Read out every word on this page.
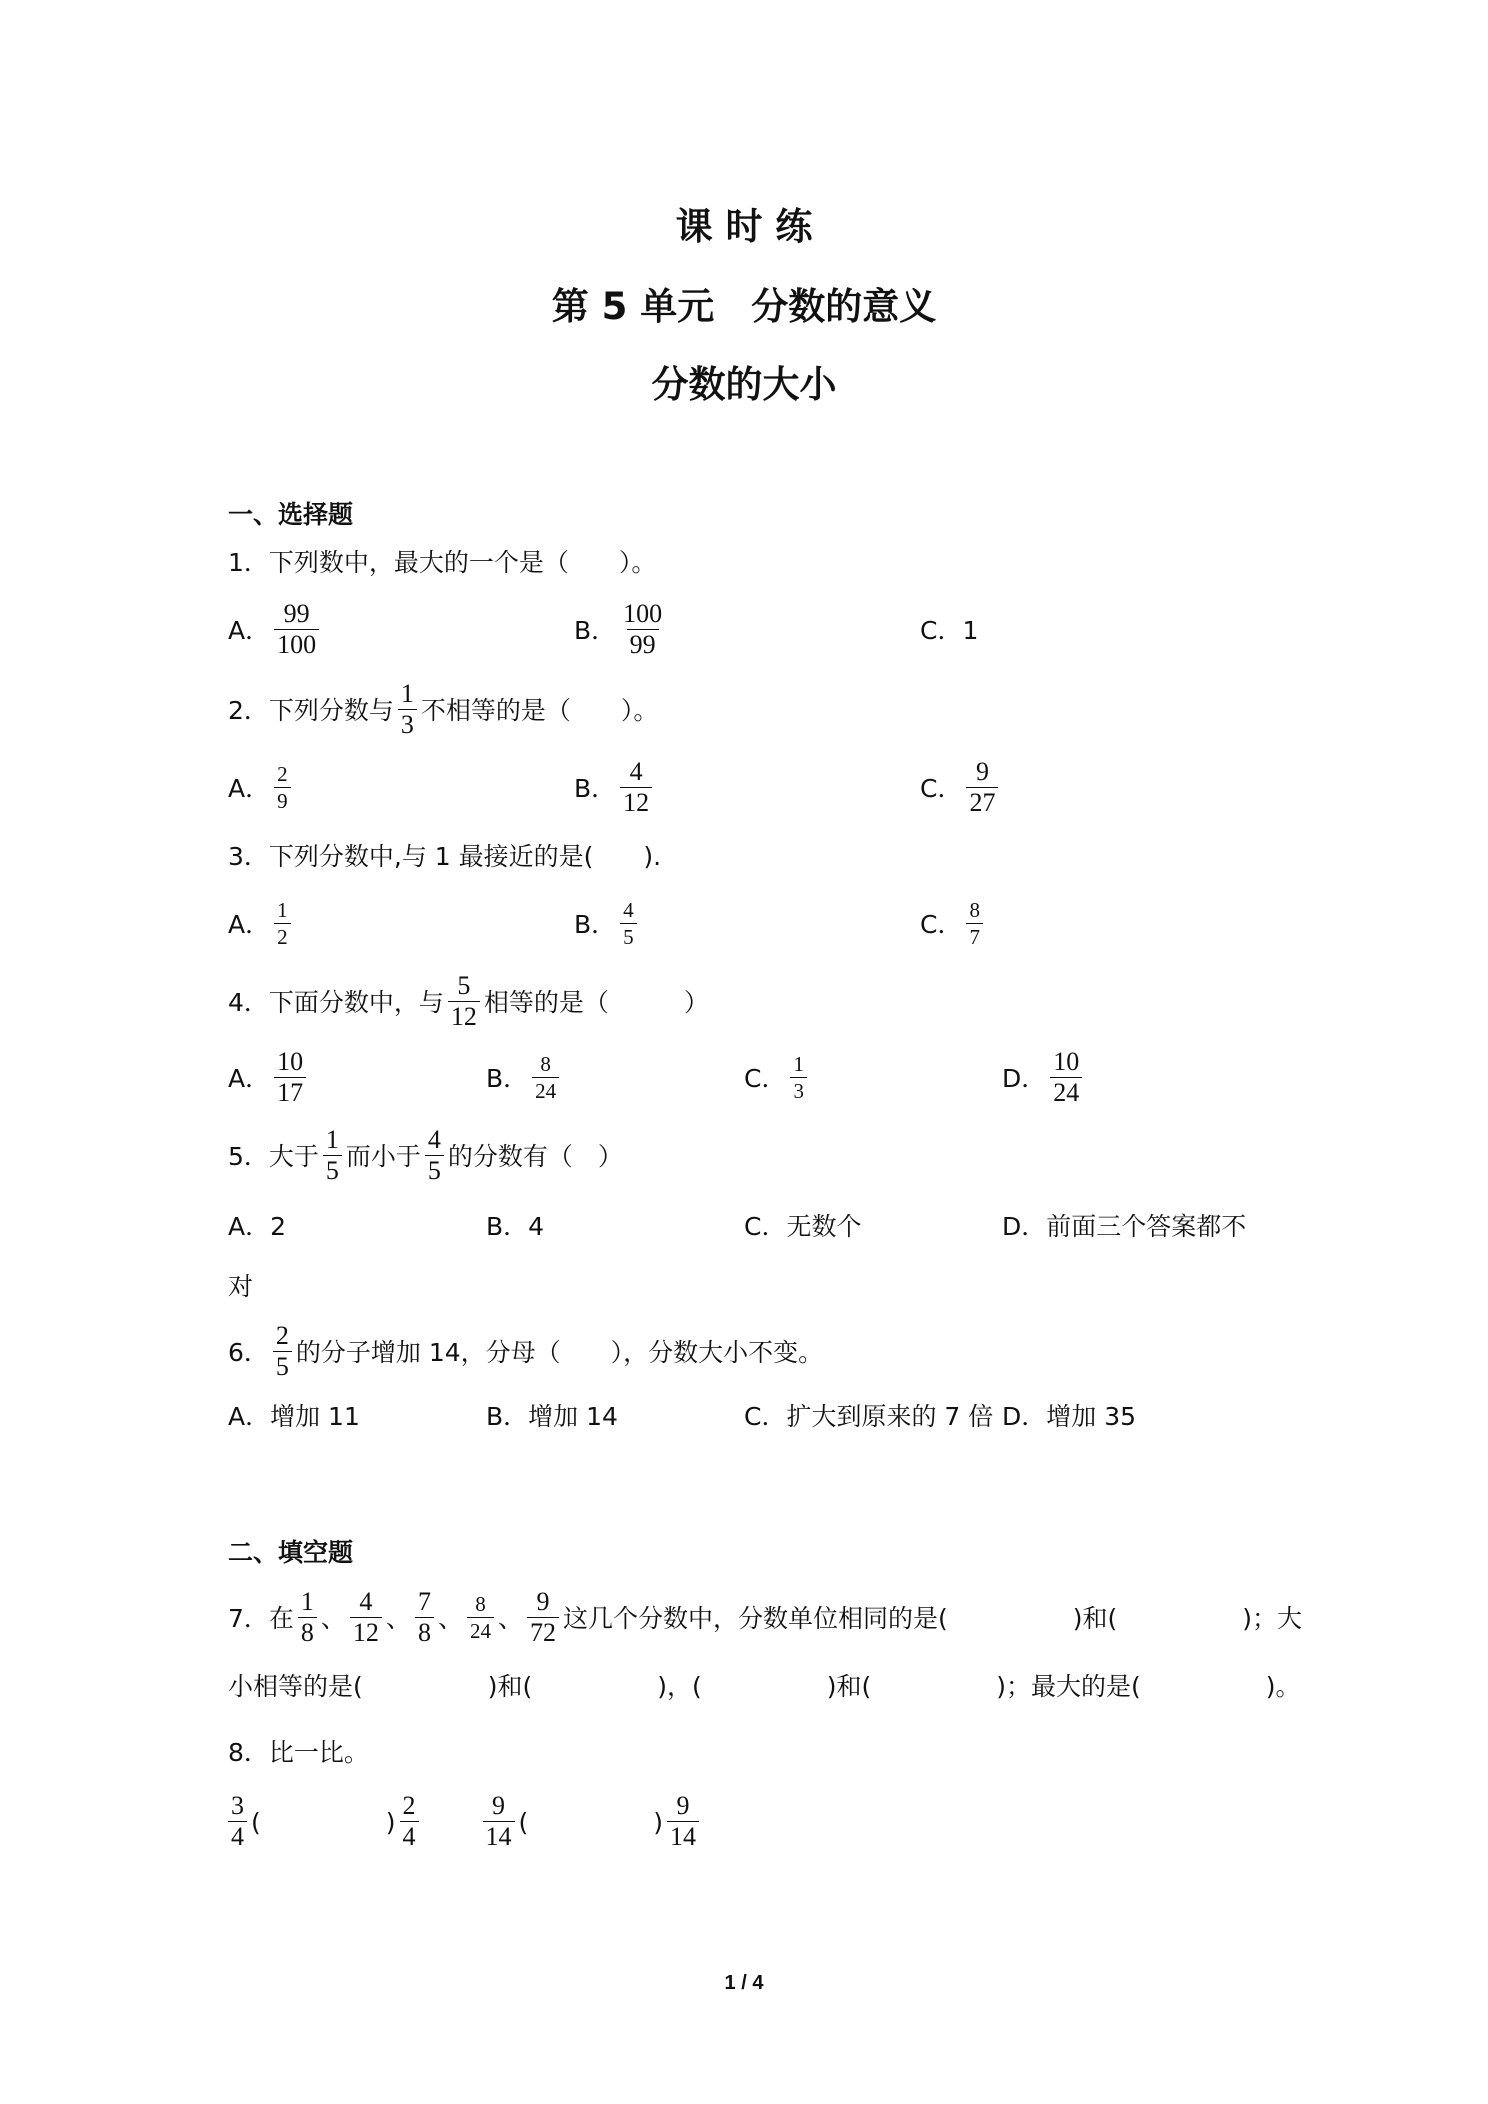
课 时 练
第 5 单元　分数的意义
分数的大小
一、选择题
1．下列数中，最大的一个是（　　）。
A． $\frac{99}{100}$	B． $\frac{100}{99}$	C．1
2．下列分数与 $\frac{1}{3}$ 不相等的是（　　）。
A． $\frac{2}{9}$	B． $\frac{4}{12}$	C． $\frac{9}{27}$
3．下列分数中,与 1 最接近的是(　　).
A． $\frac{1}{2}$	B． $\frac{4}{5}$	C． $\frac{8}{7}$
4．下面分数中，与 $\frac{5}{12}$ 相等的是（　　　）
A． $\frac{10}{17}$	B． $\frac{8}{24}$	C． $\frac{1}{3}$	D． $\frac{10}{24}$
5．大于 $\frac{1}{5}$ 而小于 $\frac{4}{5}$ 的分数有（　）
A．2	B．4	C．无数个	D．前面三个答案都不
对
6． $\frac{2}{5}$ 的分子增加 14，分母（　　），分数大小不变。
A．增加 11	B．增加 14	C．扩大到原来的 7 倍 D．增加 35
二、填空题
7．在 $\frac{1}{8}$ 、 $\frac{4}{12}$ 、 $\frac{7}{8}$ 、 $\frac{8}{24}$ 、 $\frac{9}{72}$ 这几个分数中，分数单位相同的是(　　　　　)和(　　　　　)；大
小相等的是(　　　　　)和(　　　　　)，(　　　　　)和(　　　　　)；最大的是(　　　　　)。
8．比一比。
$\frac{3}{4}$ (　　　　　) $\frac{2}{4} \frac{9}{14}$ (　　　　　) $\frac{9}{14}$
1 / 4
